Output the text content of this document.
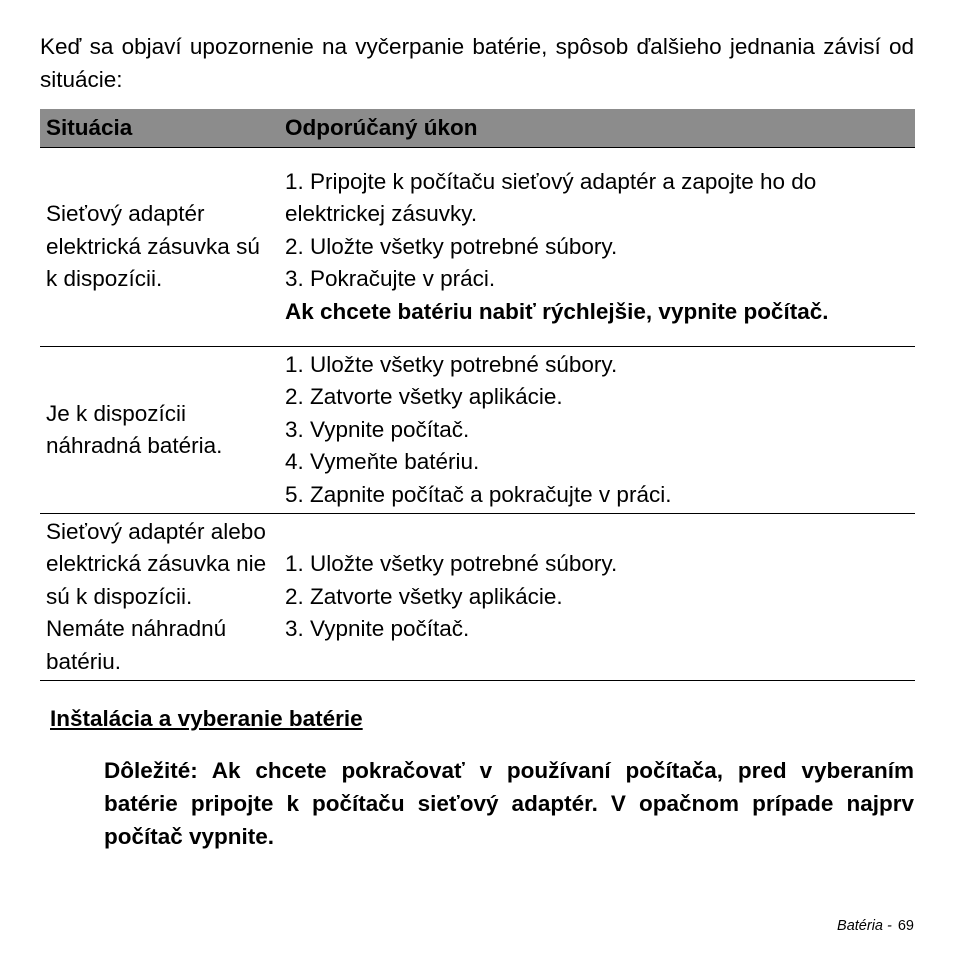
Keď sa objaví upozornenie na vyčerpanie batérie, spôsob ďalšieho jednania závisí od situácie:

Situácia	Odporúčaný úkon
Sieťový adaptér elektrická zásuvka sú k dispozícii.
1. Pripojte k počítaču sieťový adaptér a zapojte ho do elektrickej zásuvky.
2. Uložte všetky potrebné súbory.
3. Pokračujte v práci.
Ak chcete batériu nabiť rýchlejšie, vypnite počítač.
Je k dispozícii náhradná batéria.
1. Uložte všetky potrebné súbory.
2. Zatvorte všetky aplikácie.
3. Vypnite počítač.
4. Vymeňte batériu.
5. Zapnite počítač a pokračujte v práci.
Sieťový adaptér alebo elektrická zásuvka nie sú k dispozícii. Nemáte náhradnú batériu.
1. Uložte všetky potrebné súbory.
2. Zatvorte všetky aplikácie.
3. Vypnite počítač.
Inštalácia a vyberanie batérie

Dôležité: Ak chcete pokračovať v používaní počítača, pred vyberaním batérie pripojte k počítaču sieťový adaptér. V opačnom prípade najprv počítač vypnite.

Batéria - 69
